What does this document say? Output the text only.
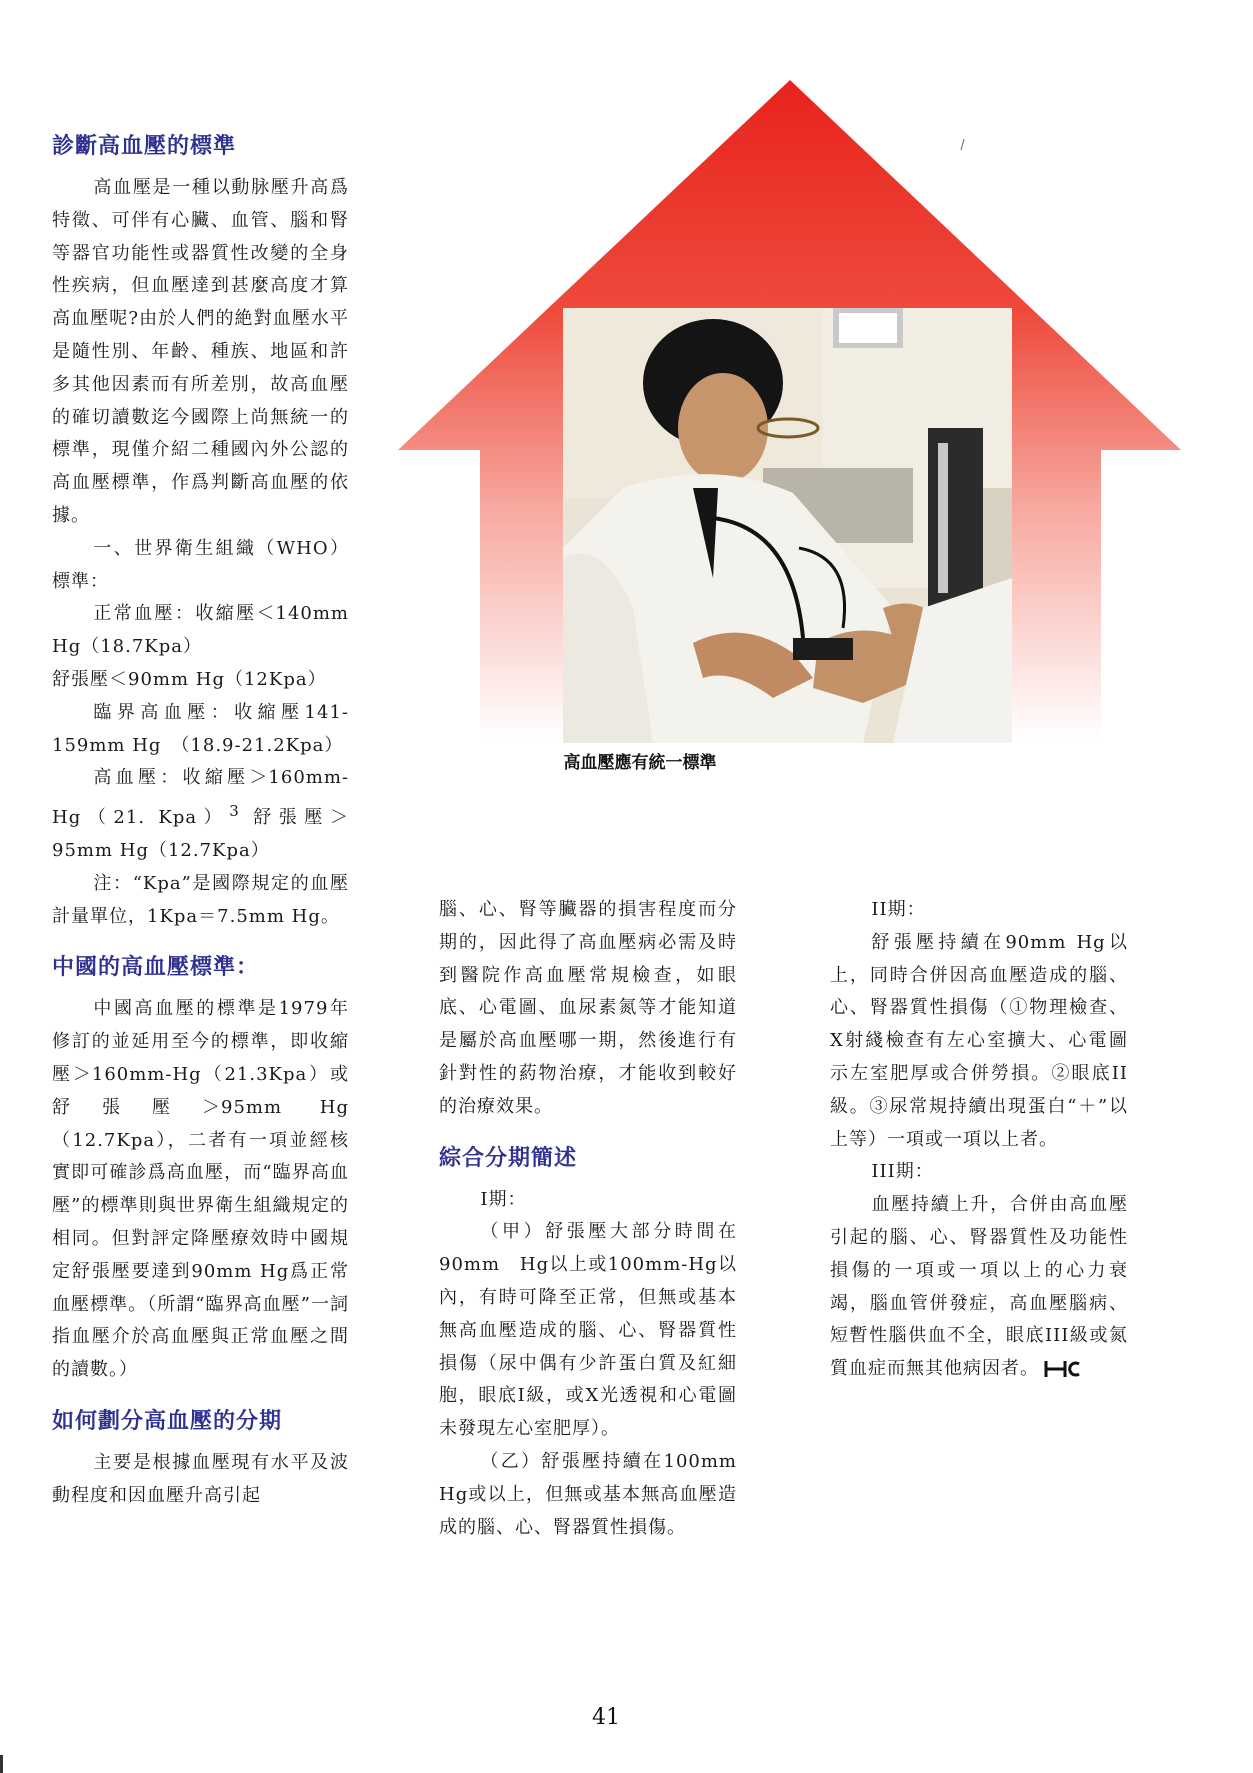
高血壓應有統一標準
診斷高血壓的標準

高血壓是一種以動脉壓升高爲特徵、可伴有心臟、血管、腦和腎等器官功能性或器質性改變的全身性疾病，但血壓達到甚麼高度才算高血壓呢?由於人們的絶對血壓水平是隨性別、年齡、種族、地區和許多其他因素而有所差別，故高血壓的確切讀數迄今國際上尚無統一的標準，現僅介紹二種國內外公認的高血壓標準，作爲判斷高血壓的依據。

一、世界衛生組織（WHO）標準：

正常血壓：收縮壓＜140mm Hg（18.7Kpa）

舒張壓＜90mm Hg（12Kpa）

臨界高血壓：收縮壓141-159mm Hg　（18.9-21.2Kpa）

高血壓：收縮壓＞160mm-Hg（21. Kpa）$^3$ 舒張壓＞95mm Hg（12.7Kpa）

注：“Kpa”是國際規定的血壓計量單位，1Kpa＝7.5mm Hg。

中國的高血壓標準：

中國高血壓的標準是1979年修訂的並延用至今的標準，即收縮壓＞160mm-Hg（21.3Kpa）或舒張壓＞95mm Hg（12.7Kpa），二者有一項並經核實即可確診爲高血壓，而“臨界高血壓”的標準則與世界衛生組織規定的相同。但對評定降壓療效時中國規定舒張壓要達到90mm Hg爲正常血壓標準。（所謂“臨界高血壓”一詞指血壓介於高血壓與正常血壓之間的讀數。）

如何劃分高血壓的分期

主要是根據血壓現有水平及波動程度和因血壓升高引起

腦、心、腎等臟器的損害程度而分期的，因此得了高血壓病必需及時到醫院作高血壓常規檢查，如眼底、心電圖、血尿素氮等才能知道是屬於高血壓哪一期，然後進行有針對性的葯物治療，才能收到較好的治療效果。

綜合分期簡述

I期：

（甲）舒張壓大部分時間在90mm　Hg以上或100mm-Hg以內，有時可降至正常，但無或基本無高血壓造成的腦、心、腎器質性損傷（尿中偶有少許蛋白質及紅細胞，眼底I級，或X光透視和心電圖未發現左心室肥厚）。

（乙）舒張壓持續在100mm　Hg或以上，但無或基本無高血壓造成的腦、心、腎器質性損傷。

II期：

舒張壓持續在90mm Hg以上，同時合併因高血壓造成的腦、心、腎器質性損傷（①物理檢查、X射綫檢查有左心室擴大、心電圖示左室肥厚或合併勞損。②眼底II級。③尿常規持續出現蛋白“＋”以上等）一項或一項以上者。

III期：

血壓持續上升，合併由高血壓引起的腦、心、腎器質性及功能性損傷的一項或一項以上的心力衰竭，腦血管併發症，高血壓腦病、短暫性腦供血不全，眼底III級或氮質血症而無其他病因者。

41
